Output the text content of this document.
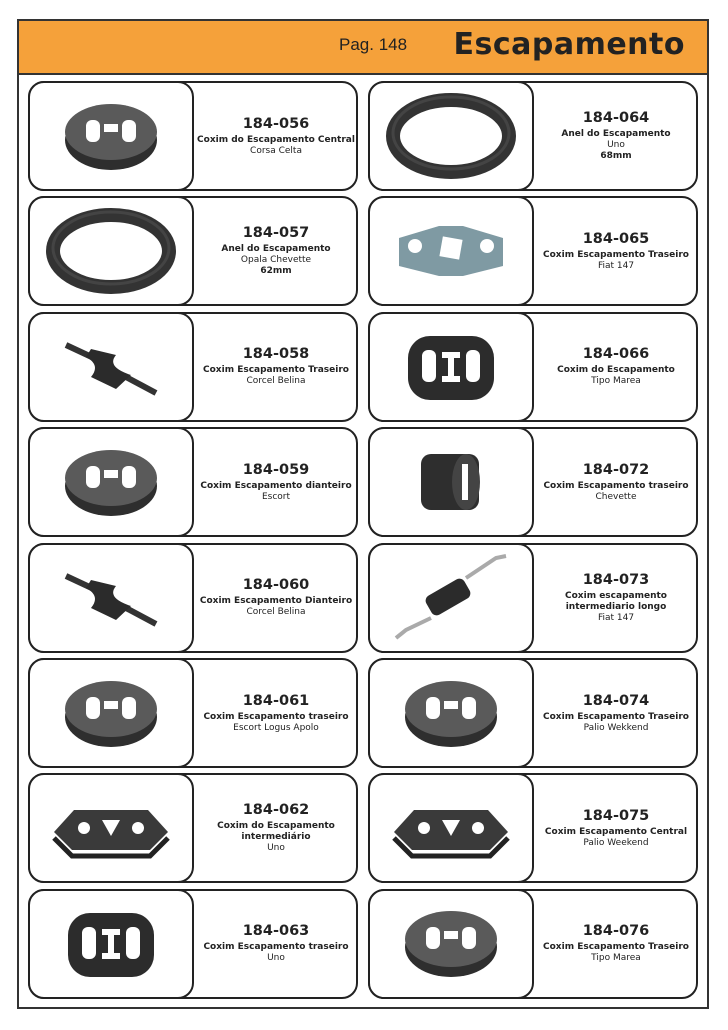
Pag. 148 Escapamento
184-056
Coxim do Escapamento Central
Corsa Celta
184-064
Anel do Escapamento
Uno
68mm
184-057
Anel do Escapamento
Opala Chevette
62mm
184-065
Coxim Escapamento Traseiro
Fiat 147
184-058
Coxim Escapamento Traseiro
Corcel Belina
184-066
Coxim do Escapamento
Tipo Marea
184-059
Coxim Escapamento dianteiro
Escort
184-072
Coxim Escapamento traseiro
Chevette
184-060
Coxim Escapamento Dianteiro
Corcel Belina
184-073
Coxim escapamento intermediario longo
Fiat 147
184-061
Coxim Escapamento traseiro
Escort Logus Apolo
184-074
Coxim Escapamento Traseiro
Palio Wekkend
184-062
Coxim do Escapamento intermediário
Uno
184-075
Coxim Escapamento Central
Palio Weekend
184-063
Coxim Escapamento traseiro
Uno
184-076
Coxim Escapamento Traseiro
Tipo Marea
